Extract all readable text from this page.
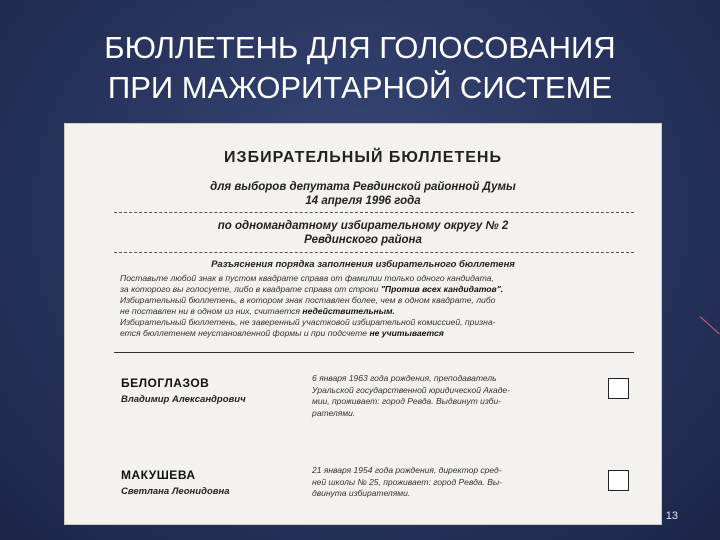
БЮЛЛЕТЕНЬ ДЛЯ ГОЛОСОВАНИЯ
ПРИ МАЖОРИТАРНОЙ СИСТЕМЕ
ИЗБИРАТЕЛЬНЫЙ БЮЛЛЕТЕНЬ
для выборов депутата Ревдинской районной Думы
14 апреля 1996 года
по одномандатному избирательному округу № 2
Ревдинского района
Разъяснения порядка заполнения избирательного бюллетеня
Поставьте любой знак в пустом квадрате справа от фамилии только одного кандидата,
за которого вы голосуете, либо в квадрате справа от строки "Против всех кандидатов".
Избирательный бюллетень, в котором знак поставлен более, чем в одном квадрате, либо
не поставлен ни в одном из них, считается недействительным.
Избирательный бюллетень, не заверенный участковой избирательной комиссией, призна-
ется бюллетенем неустановленной формы и при подсчете не учитывается
БЕЛОГЛАЗОВ
Владимир Александрович
6 января 1963 года рождения, преподаватель
Уральской государственной юридической Акаде-
мии, проживает: город Ревда. Выдвинут изби-
рателями.
МАКУШЕВА
Светлана Леонидовна
21 января 1954 года рождения, директор сред-
ней школы № 25, проживает: город Ревда. Вы-
двинута избирателями.
13
